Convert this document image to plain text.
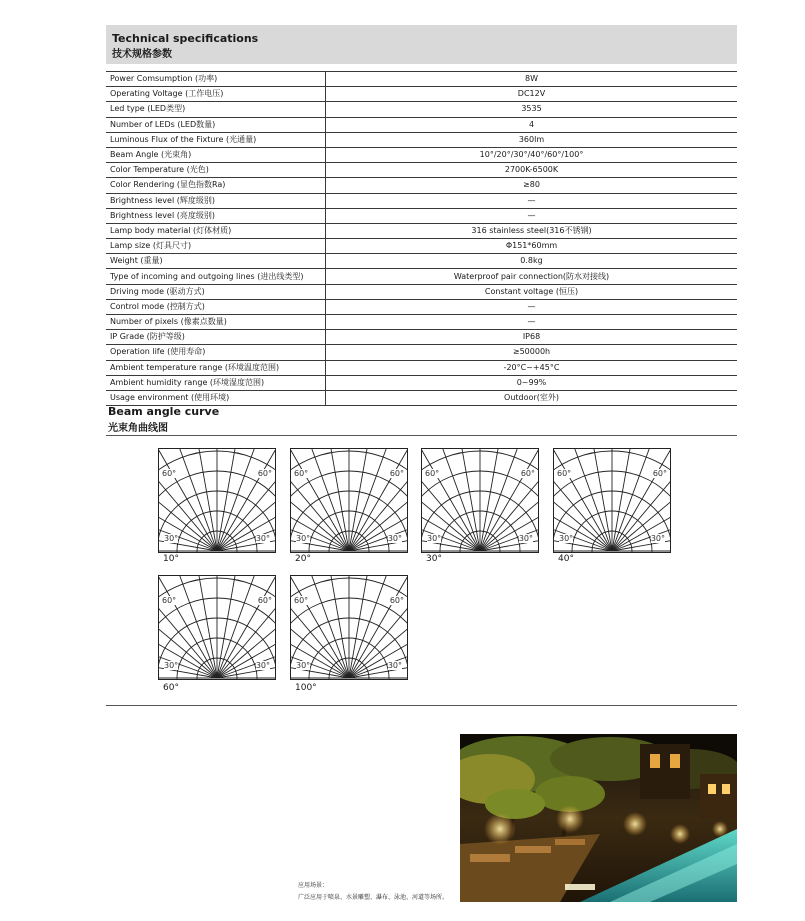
Technical specifications
技术规格参数
Power Comsumption (功率)	8W
Operating Voltage (工作电压)	DC12V
Led type (LED类型)	3535
Number of LEDs (LED数量)	4
Luminous Flux of the Fixture (光通量)	360lm
Beam Angle (光束角)	10°/20°/30°/40°/60°/100°
Color Temperature (光色)	2700K-6500K
Color Rendering (显色指数Ra)	≥80
Brightness level (辉度级别)	—
Brightness level (亮度级别)	—
Lamp body material (灯体材质)	316 stainless steel(316不锈钢)
Lamp size (灯具尺寸)	Φ151*60mm
Weight (重量)	0.8kg
Type of incoming and outgoing lines (进出线类型)	Waterproof pair connection(防水对接线)
Driving mode (驱动方式)	Constant voltage (恒压)
Control mode (控制方式)	—
Number of pixels (像素点数量)	—
IP Grade (防护等级)	IP68
Operation life (使用寿命)	≥50000h
Ambient temperature range (环境温度范围)	-20°C~+45°C
Ambient humidity range (环境湿度范围)	0~99%
Usage environment (使用环境)	Outdoor(室外)
Beam angle curve
光束角曲线图
60°	60°
30°	30°
10°
60°	60°
30°	30°
20°
60°	60°
30°	30°
30°
60°	60°
30°	30°
40°
60°	60°
30°	30°
60°
60°	60°
30°	30°
100°
应用场景：
广泛应用于喷泉、水景雕塑、瀑布、泳池、河道等场所。
